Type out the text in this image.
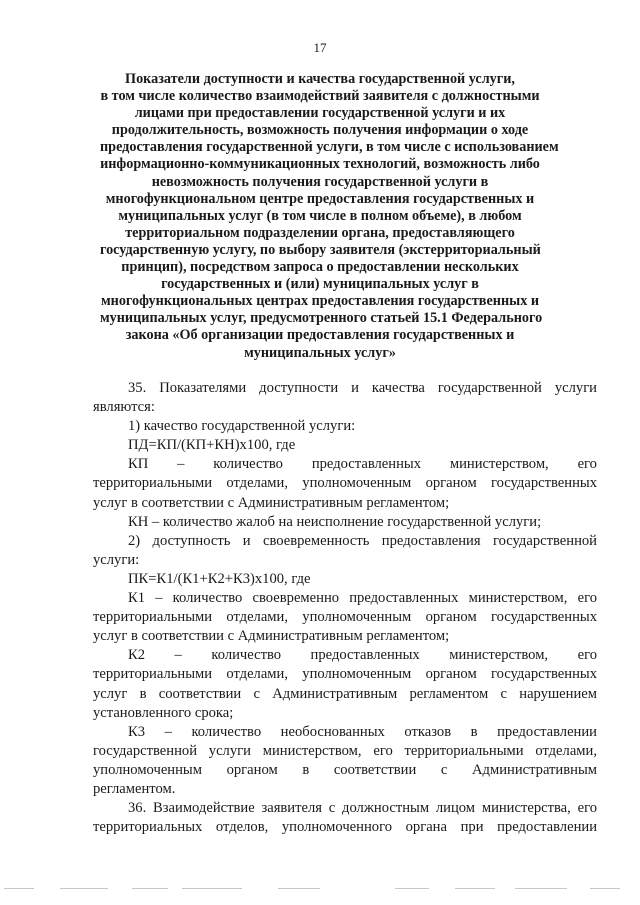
17
Показатели доступности и качества государственной услуги,
в том числе количество взаимодействий заявителя с должностными
лицами при предоставлении государственной услуги и их
продолжительность, возможность получения информации о ходе
предоставления государственной услуги, в том числе с использованием
информационно-коммуникационных технологий, возможность либо
невозможность получения государственной услуги в
многофункциональном центре предоставления государственных и
муниципальных услуг (в том числе в полном объеме), в любом
территориальном подразделении органа, предоставляющего
государственную услугу, по выбору заявителя (экстерриториальный
принцип), посредством запроса о предоставлении нескольких
государственных и (или) муниципальных услуг в
многофункциональных центрах предоставления государственных и
муниципальных услуг, предусмотренного статьей 15.1 Федерального
закона «Об организации предоставления государственных и
муниципальных услуг»
35. Показателями доступности и качества государственной услуги
являются:
1) качество государственной услуги:
ПД=КП/(КП+КН)х100, где
КП – количество предоставленных министерством, его
территориальными отделами, уполномоченным органом государственных
услуг в соответствии с Административным регламентом;
КН – количество жалоб на неисполнение государственной услуги;
2) доступность и своевременность предоставления государственной
услуги:
ПК=К1/(К1+К2+К3)х100, где
К1 – количество своевременно предоставленных министерством, его
территориальными отделами, уполномоченным органом государственных
услуг в соответствии с Административным регламентом;
К2 – количество предоставленных министерством, его
территориальными отделами, уполномоченным органом государственных
услуг в соответствии с Административным регламентом с нарушением
установленного срока;
К3 – количество необоснованных отказов в предоставлении
государственной услуги министерством, его территориальными отделами,
уполномоченным органом в соответствии с Административным
регламентом.
36. Взаимодействие заявителя с должностным лицом министерства, его
территориальных отделов, уполномоченного органа при предоставлении
